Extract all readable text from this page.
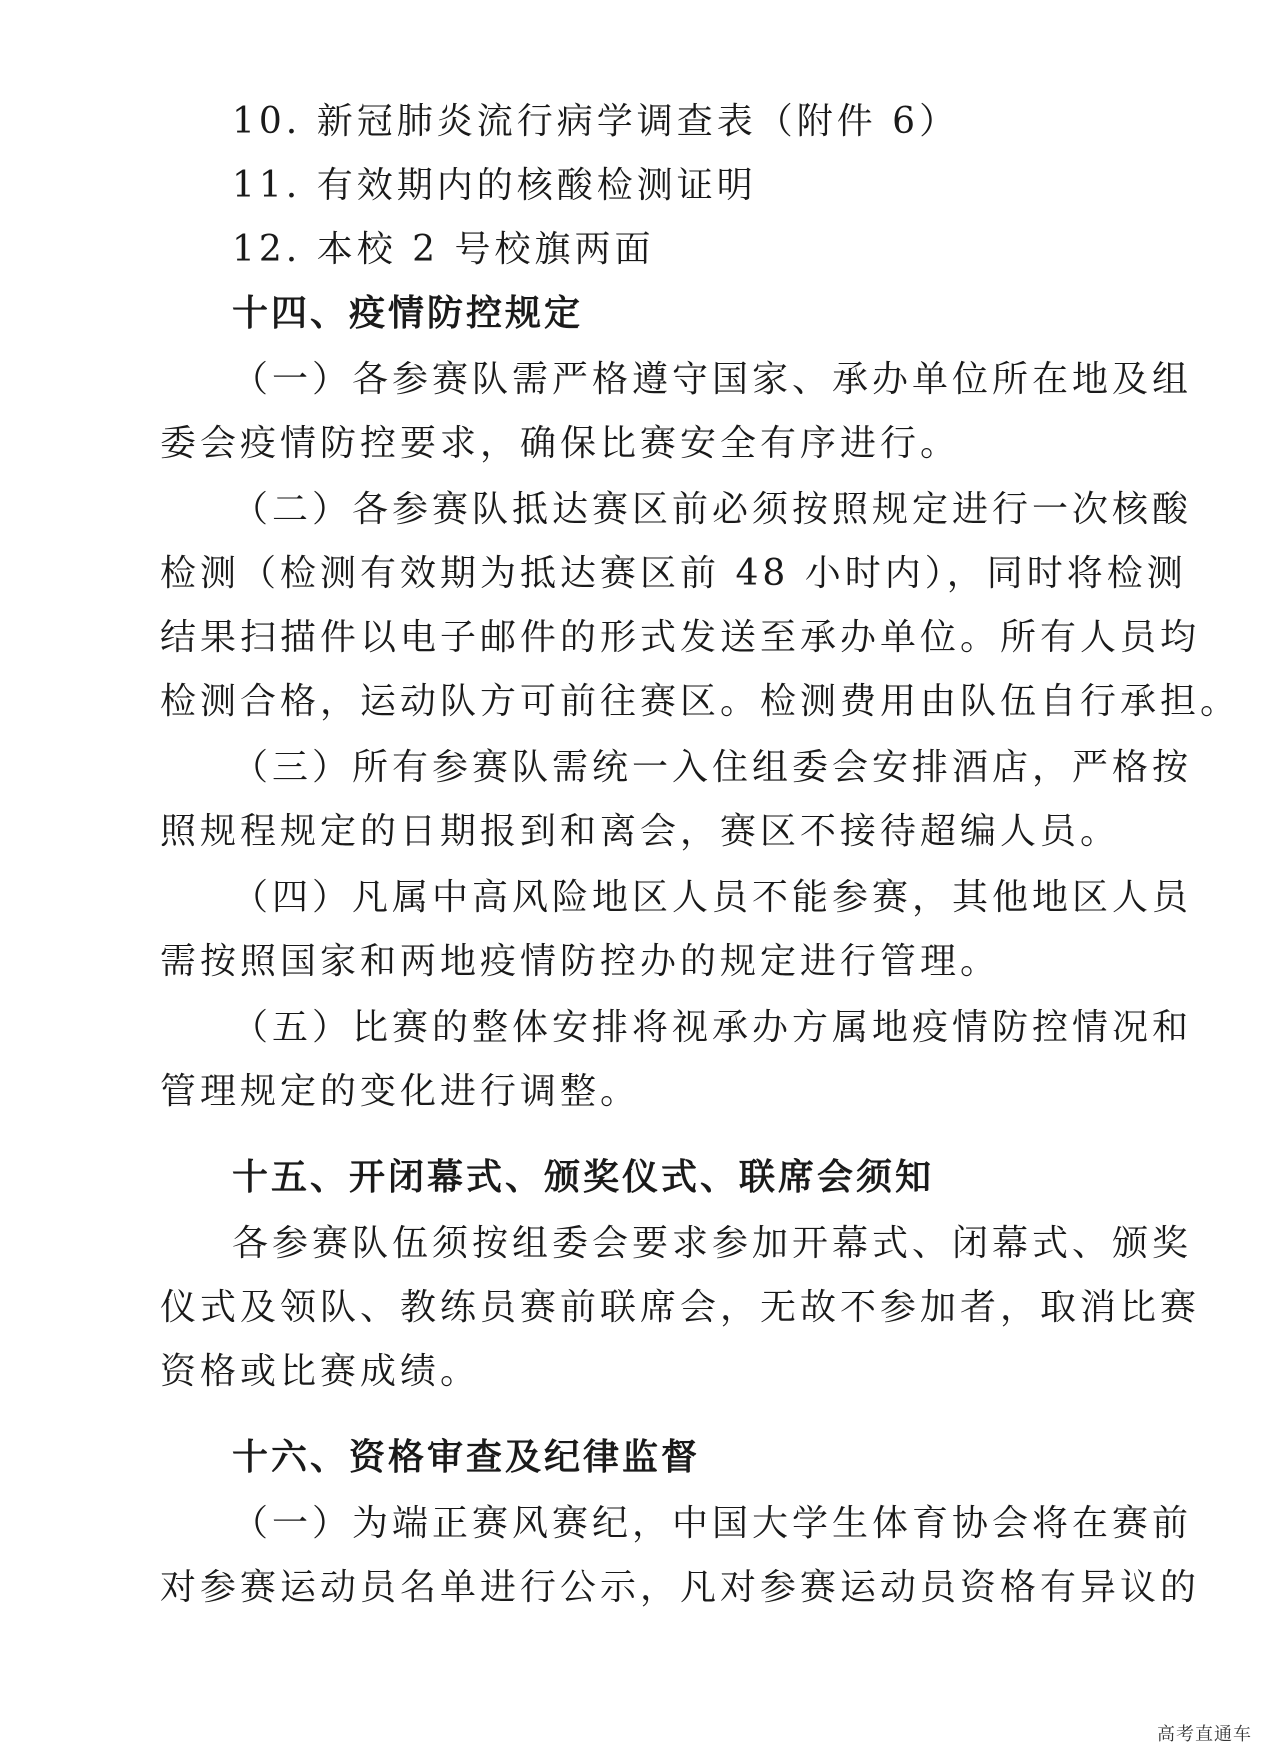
10. 新冠肺炎流行病学调查表（附件 6）
11. 有效期内的核酸检测证明
12. 本校 2 号校旗两面
十四、疫情防控规定
（一）各参赛队需严格遵守国家、承办单位所在地及组
委会疫情防控要求，确保比赛安全有序进行。
（二）各参赛队抵达赛区前必须按照规定进行一次核酸
检测（检测有效期为抵达赛区前 48 小时内），同时将检测
结果扫描件以电子邮件的形式发送至承办单位。所有人员均
检测合格，运动队方可前往赛区。检测费用由队伍自行承担。
（三）所有参赛队需统一入住组委会安排酒店，严格按
照规程规定的日期报到和离会，赛区不接待超编人员。
（四）凡属中高风险地区人员不能参赛，其他地区人员
需按照国家和两地疫情防控办的规定进行管理。
（五）比赛的整体安排将视承办方属地疫情防控情况和
管理规定的变化进行调整。
十五、开闭幕式、颁奖仪式、联席会须知
各参赛队伍须按组委会要求参加开幕式、闭幕式、颁奖
仪式及领队、教练员赛前联席会，无故不参加者，取消比赛
资格或比赛成绩。
十六、资格审查及纪律监督
（一）为端正赛风赛纪，中国大学生体育协会将在赛前
对参赛运动员名单进行公示，凡对参赛运动员资格有异议的
高考直通车
